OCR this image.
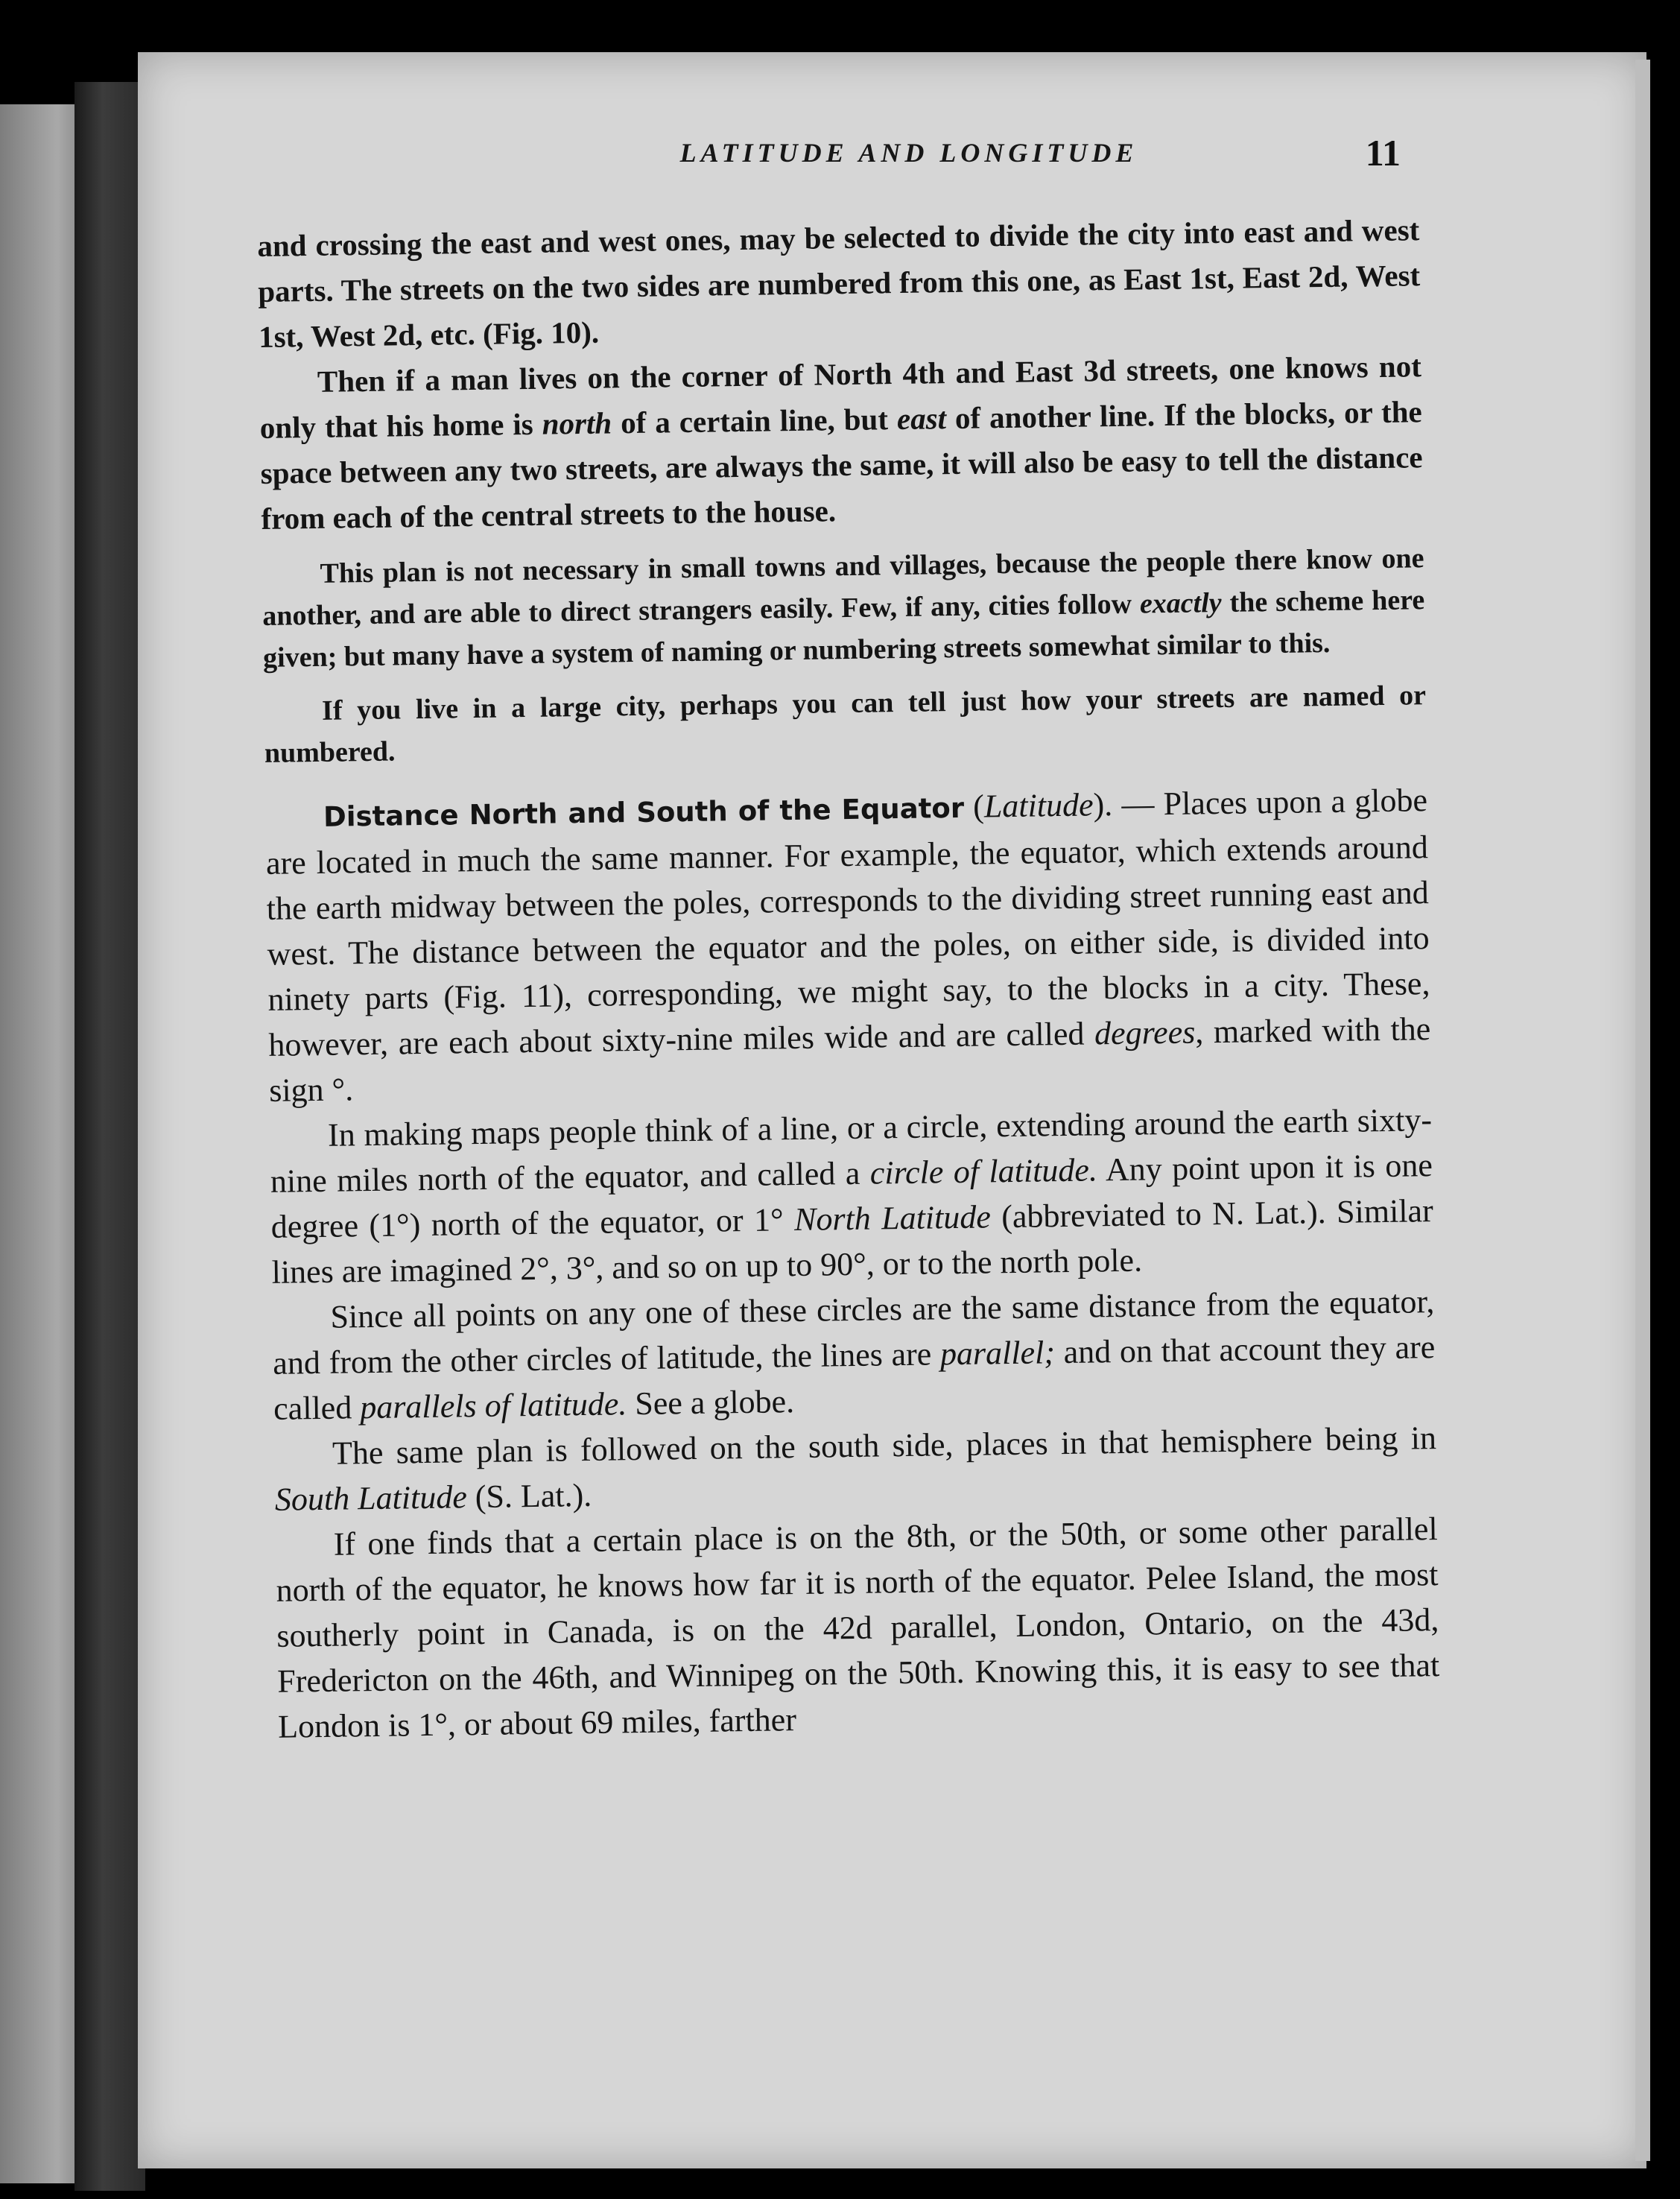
LATITUDE AND LONGITUDE	11

and crossing the east and west ones, may be selected to divide the city into east and west parts. The streets on the two sides are numbered from this one, as East 1st, East 2d, West 1st, West 2d, etc. (Fig. 10).

Then if a man lives on the corner of North 4th and East 3d streets, one knows not only that his home is north of a certain line, but east of another line. If the blocks, or the space between any two streets, are always the same, it will also be easy to tell the distance from each of the central streets to the house.

This plan is not necessary in small towns and villages, because the people there know one another, and are able to direct strangers easily. Few, if any, cities follow exactly the scheme here given; but many have a system of naming or numbering streets somewhat similar to this.

If you live in a large city, perhaps you can tell just how your streets are named or numbered.

Distance North and South of the Equator (Latitude). — Places upon a globe are located in much the same manner. For example, the equator, which extends around the earth midway between the poles, corresponds to the dividing street running east and west. The distance between the equator and the poles, on either side, is divided into ninety parts (Fig. 11), corresponding, we might say, to the blocks in a city. These, however, are each about sixty-nine miles wide and are called degrees, marked with the sign °.

In making maps people think of a line, or a circle, extending around the earth sixty-nine miles north of the equator, and called a circle of latitude. Any point upon it is one degree (1°) north of the equator, or 1° North Latitude (abbreviated to N. Lat.). Similar lines are imagined 2°, 3°, and so on up to 90°, or to the north pole.

Since all points on any one of these circles are the same distance from the equator, and from the other circles of latitude, the lines are parallel; and on that account they are called parallels of latitude. See a globe.

The same plan is followed on the south side, places in that hemisphere being in South Latitude (S. Lat.).

If one finds that a certain place is on the 8th, or the 50th, or some other parallel north of the equator, he knows how far it is north of the equator. Pelee Island, the most southerly point in Canada, is on the 42d parallel, London, Ontario, on the 43d, Fredericton on the 46th, and Winnipeg on the 50th. Knowing this, it is easy to see that London is 1°, or about 69 miles, farther
